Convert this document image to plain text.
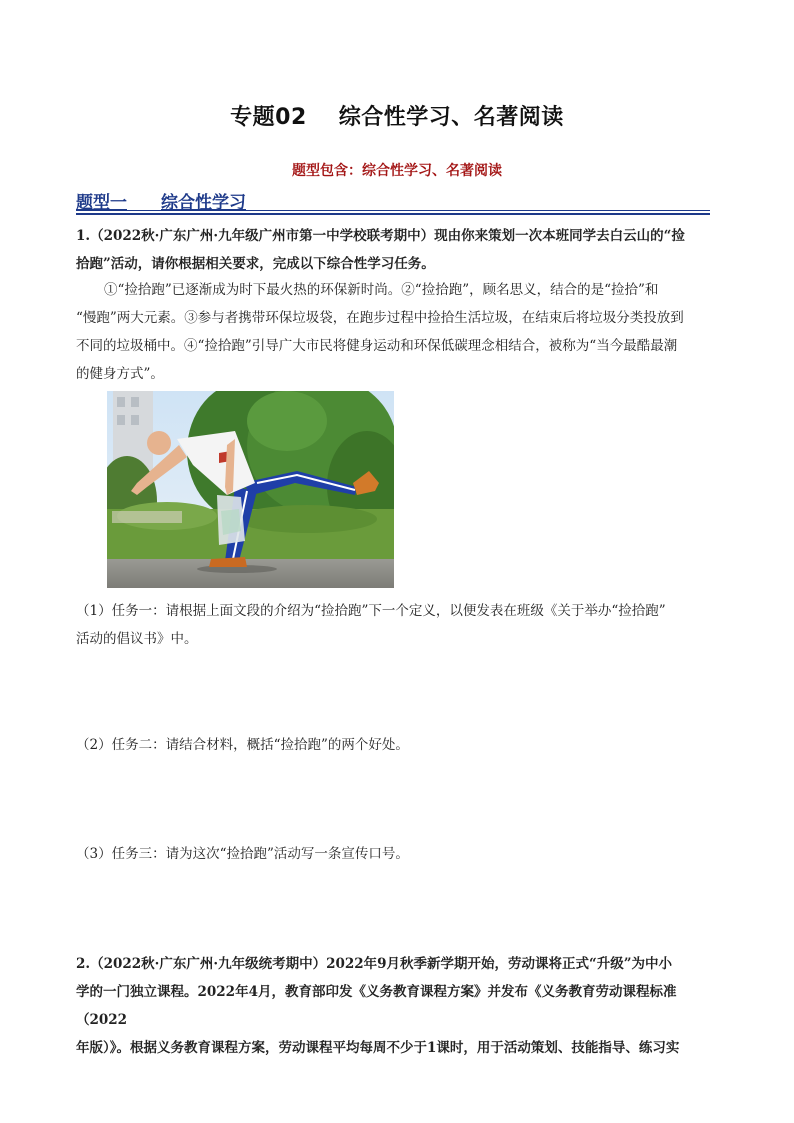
专题02 综合性学习、名著阅读
题型包含：综合性学习、名著阅读
题型一 综合性学习
1.（2022秋·广东广州·九年级广州市第一中学校联考期中）现由你来策划一次本班同学去白云山的“捡
拾跑”活动，请你根据相关要求，完成以下综合性学习任务。
①“捡拾跑”已逐渐成为时下最火热的环保新时尚。②“捡拾跑”，顾名思义，结合的是“捡拾”和
“慢跑”两大元素。③参与者携带环保垃圾袋，在跑步过程中捡拾生活垃圾，在结束后将垃圾分类投放到
不同的垃圾桶中。④“捡拾跑”引导广大市民将健身运动和环保低碳理念相结合，被称为“当今最酷最潮
的健身方式”。
（1）任务一：请根据上面文段的介绍为“捡拾跑”下一个定义，以便发表在班级《关于举办“捡拾跑”
活动的倡议书》中。
（2）任务二：请结合材料，概括“捡拾跑”的两个好处。
（3）任务三：请为这次“捡拾跑”活动写一条宣传口号。
2.（2022秋·广东广州·九年级统考期中）2022年9月秋季新学期开始，劳动课将正式“升级”为中小
学的一门独立课程。2022年4月，教育部印发《义务教育课程方案》并发布《义务教育劳动课程标准（2022
年版）》。根据义务教育课程方案，劳动课程平均每周不少于1课时，用于活动策划、技能指导、练习实
